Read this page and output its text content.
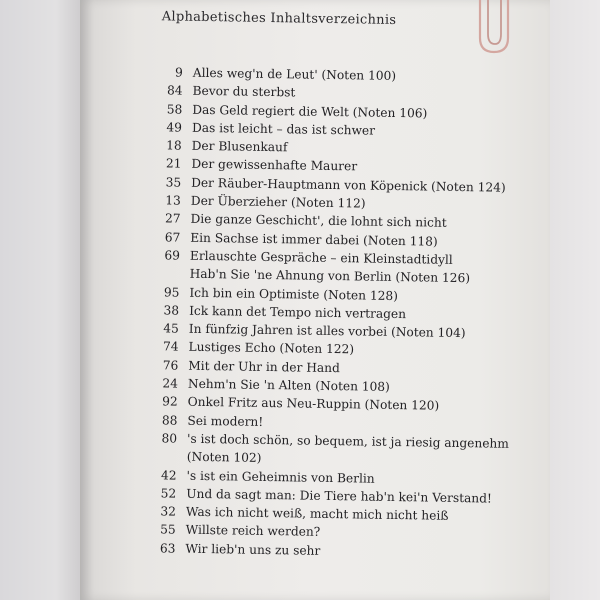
Alphabetisches Inhaltsverzeichnis
9 Alles weg'n de Leut' (Noten 100)
84 Bevor du sterbst
58 Das Geld regiert die Welt (Noten 106)
49 Das ist leicht – das ist schwer
18 Der Blusenkauf
21 Der gewissenhafte Maurer
35 Der Räuber-Hauptmann von Köpenick (Noten 124)
13 Der Überzieher (Noten 112)
27 Die ganze Geschicht', die lohnt sich nicht
67 Ein Sachse ist immer dabei (Noten 118)
69 Erlauschte Gespräche – ein Kleinstadtidyll
Hab'n Sie 'ne Ahnung von Berlin (Noten 126)
95 Ich bin ein Optimiste (Noten 128)
38 Ick kann det Tempo nich vertragen
45 In fünfzig Jahren ist alles vorbei (Noten 104)
74 Lustiges Echo (Noten 122)
76 Mit der Uhr in der Hand
24 Nehm'n Sie 'n Alten (Noten 108)
92 Onkel Fritz aus Neu-Ruppin (Noten 120)
88 Sei modern!
80 's ist doch schön, so bequem, ist ja riesig angenehm
(Noten 102)
42 's ist ein Geheimnis von Berlin
52 Und da sagt man: Die Tiere hab'n kei'n Verstand!
32 Was ich nicht weiß, macht mich nicht heiß
55 Willste reich werden?
63 Wir lieb'n uns zu sehr
